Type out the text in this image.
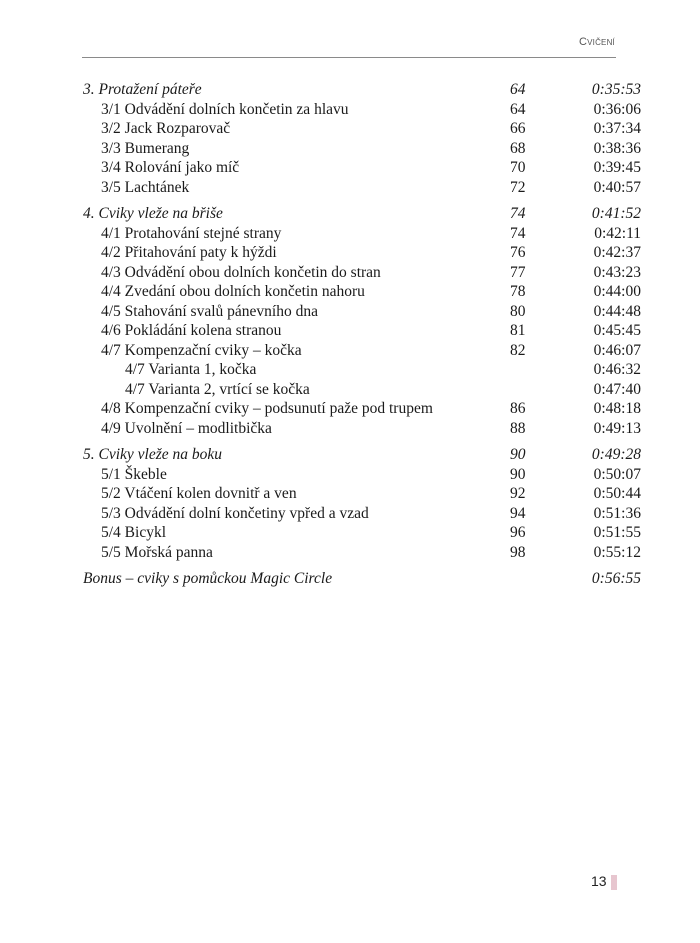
Cvičení
3. Protažení páteře	64	0:35:53
3/1 Odvádění dolních končetin za hlavu	64	0:36:06
3/2 Jack Rozparovač	66	0:37:34
3/3 Bumerang	68	0:38:36
3/4 Rolování jako míč	70	0:39:45
3/5 Lachtánek	72	0:40:57
4. Cviky vleže na břiše	74	0:41:52
4/1 Protahování stejné strany	74	0:42:11
4/2 Přitahování paty k hýždi	76	0:42:37
4/3 Odvádění obou dolních končetin do stran	77	0:43:23
4/4 Zvedání obou dolních končetin nahoru	78	0:44:00
4/5 Stahování svalů pánevního dna	80	0:44:48
4/6 Pokládání kolena stranou	81	0:45:45
4/7 Kompenzační cviky – kočka	82	0:46:07
4/7 Varianta 1, kočka	0:46:32
4/7 Varianta 2, vrtící se kočka	0:47:40
4/8 Kompenzační cviky – podsunutí paže pod trupem	86	0:48:18
4/9 Uvolnění – modlitbička	88	0:49:13
5. Cviky vleže na boku	90	0:49:28
5/1 Škeble	90	0:50:07
5/2 Vtáčení kolen dovnitř a ven	92	0:50:44
5/3 Odvádění dolní končetiny vpřed a vzad	94	0:51:36
5/4 Bicykl	96	0:51:55
5/5 Mořská panna	98	0:55:12
Bonus – cviky s pomůckou Magic Circle	0:56:55
13
